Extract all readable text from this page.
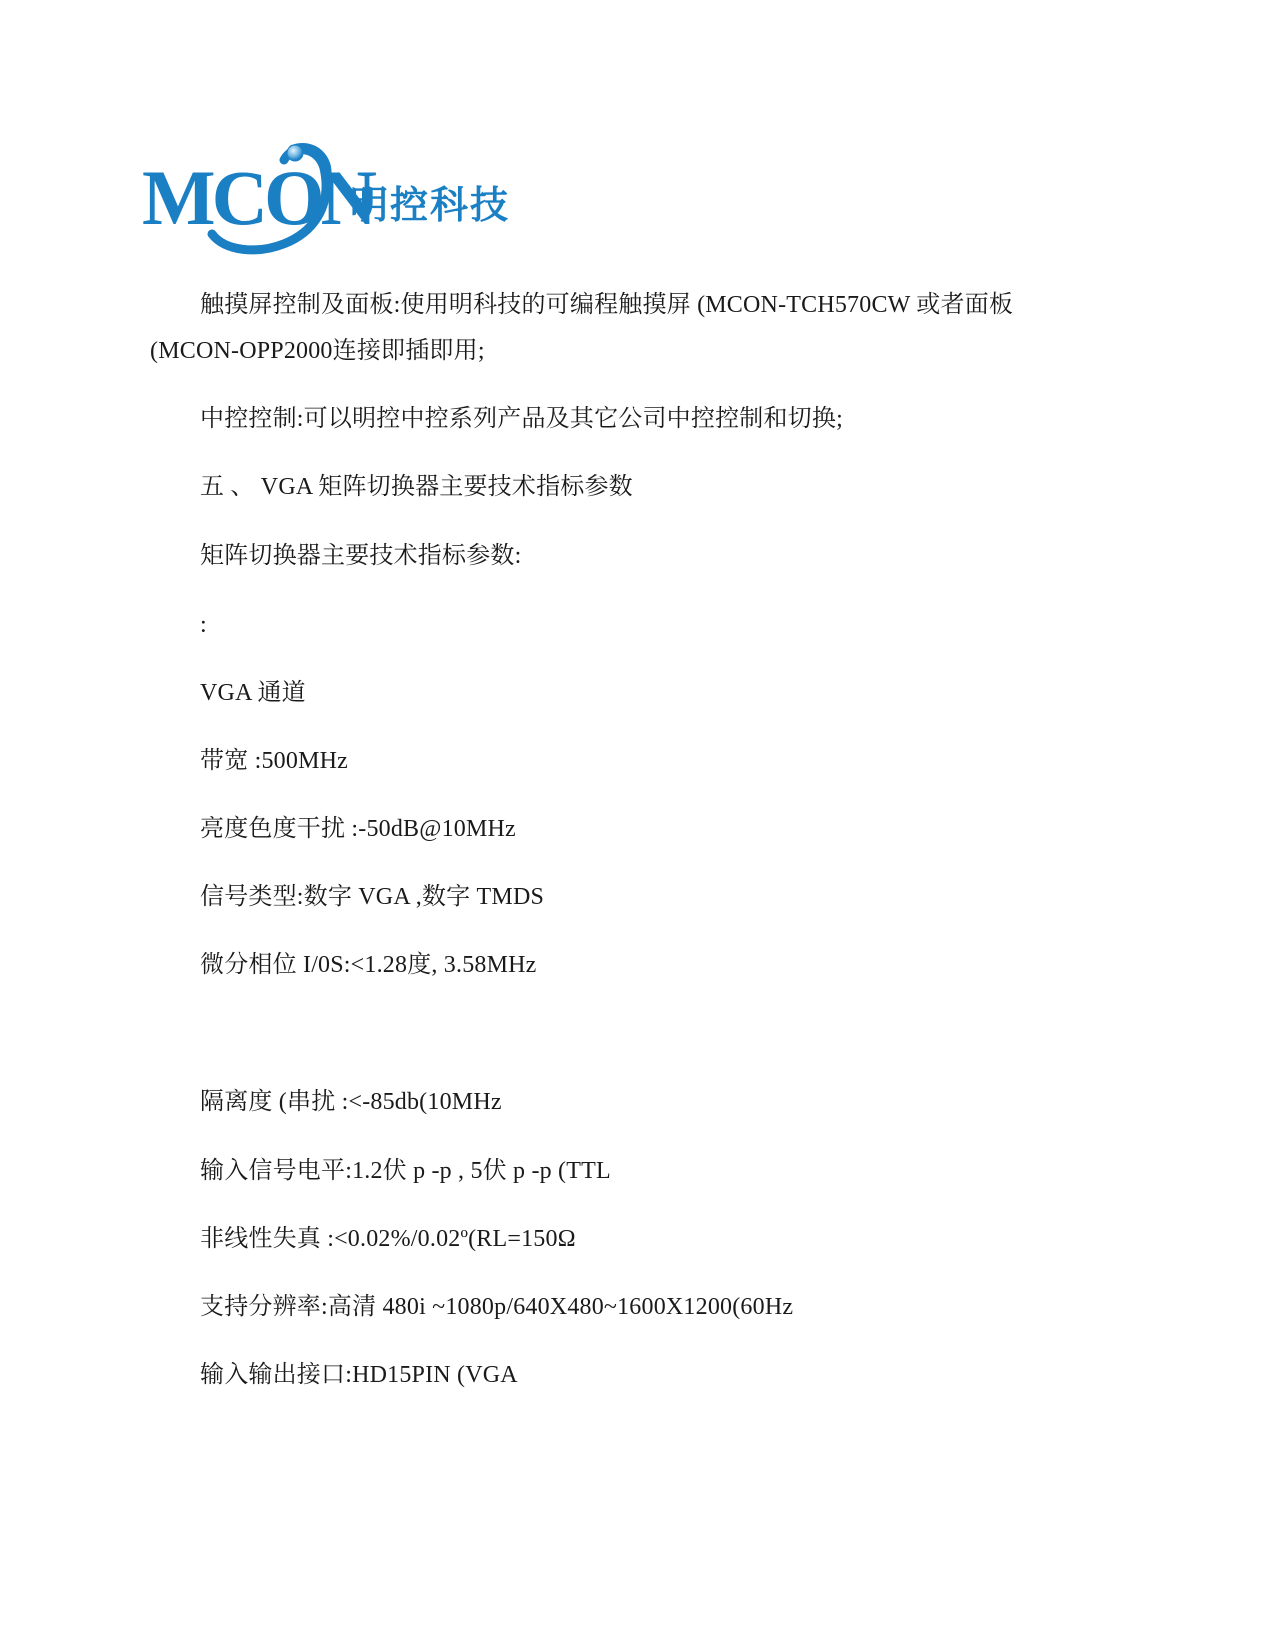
MCON
明控科技
触摸屏控制及面板:使用明科技的可编程触摸屏 (MCON-TCH570CW 或者面板
(MCON-OPP2000连接即插即用;
中控控制:可以明控中控系列产品及其它公司中控控制和切换;
五 、 VGA 矩阵切换器主要技术指标参数
矩阵切换器主要技术指标参数:
:
VGA 通道
带宽 :500MHz
亮度色度干扰 :-50dB@10MHz
信号类型:数字 VGA ,数字 TMDS
微分相位 I/0S:<1.28度, 3.58MHz
隔离度 (串扰 :<-85db(10MHz
输入信号电平:1.2伏 p -p , 5伏 p -p (TTL
非线性失真 :<0.02%/0.02º(RL=150Ω
支持分辨率:高清 480i ~1080p/640X480~1600X1200(60Hz
输入输出接口:HD15PIN (VGA
